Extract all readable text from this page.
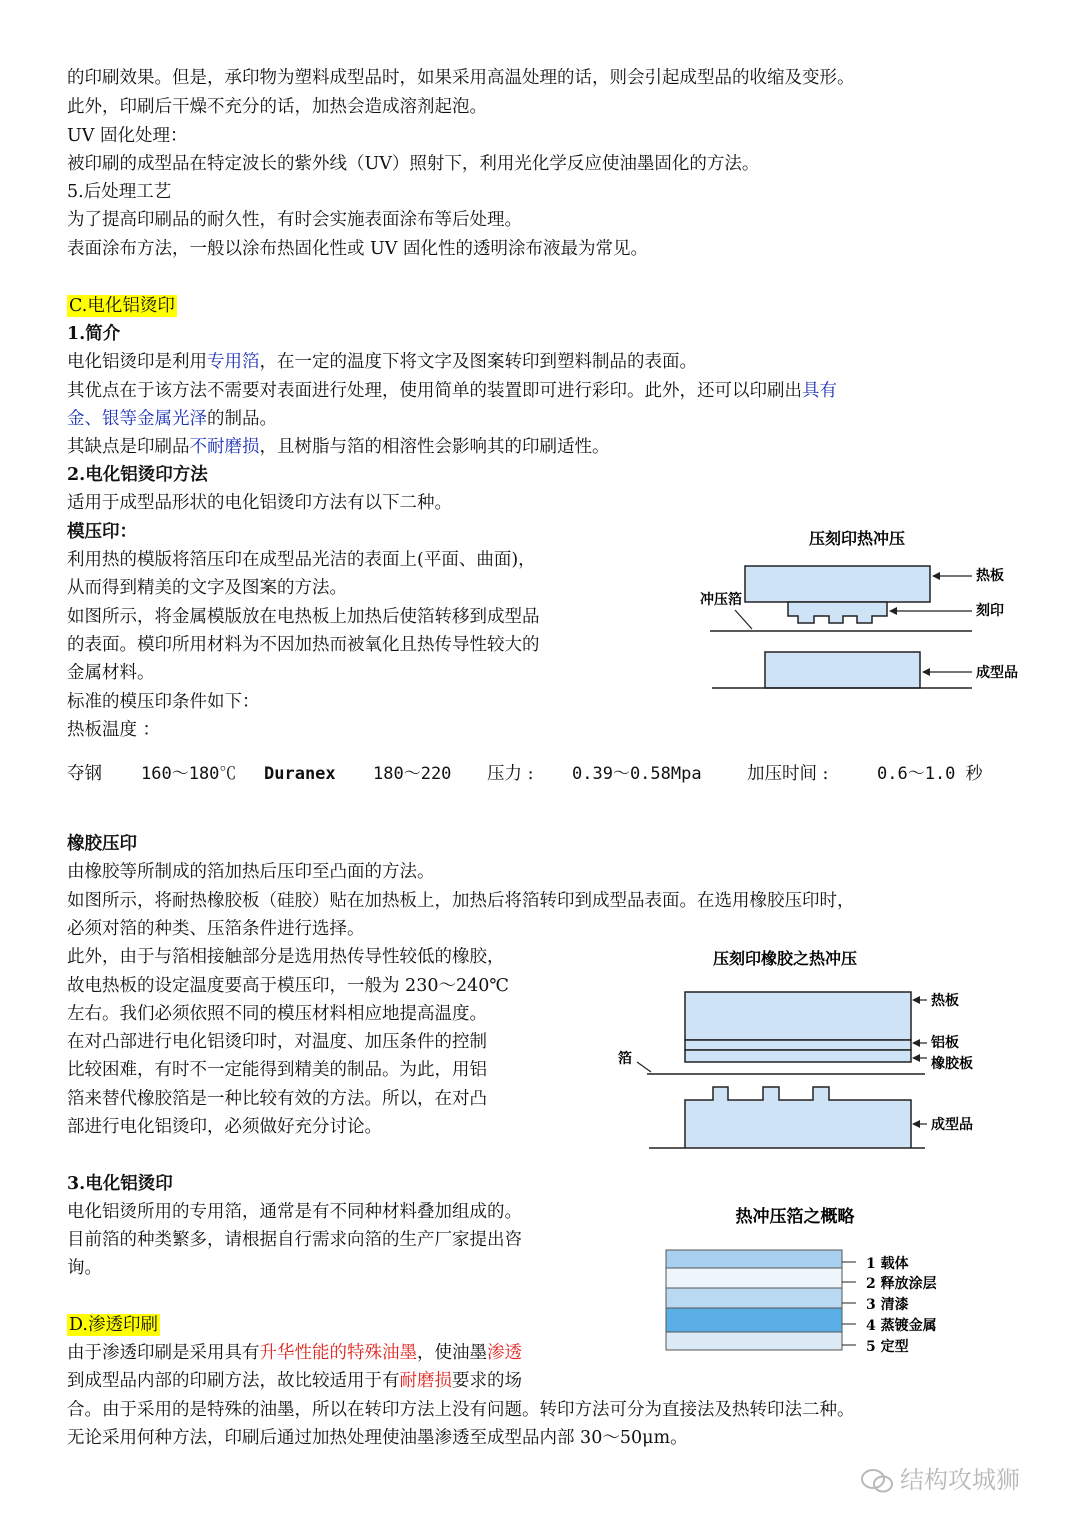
的印刷效果。但是，承印物为塑料成型品时，如果采用高温处理的话，则会引起成型品的收缩及变形。
此外，印刷后干燥不充分的话，加热会造成溶剂起泡。
UV 固化处理：
被印刷的成型品在特定波长的紫外线（UV）照射下，利用光化学反应使油墨固化的方法。
5.后处理工艺
为了提高印刷品的耐久性，有时会实施表面涂布等后处理。
表面涂布方法，一般以涂布热固化性或 UV 固化性的透明涂布液最为常见。
C.电化铝烫印
1.简介
电化铝烫印是利用专用箔，在一定的温度下将文字及图案转印到塑料制品的表面。
其优点在于该方法不需要对表面进行处理，使用简单的装置即可进行彩印。此外，还可以印刷出具有
金、银等金属光泽的制品。
其缺点是印刷品不耐磨损，且树脂与箔的相溶性会影响其的印刷适性。
2.电化铝烫印方法
适用于成型品形状的电化铝烫印方法有以下二种。
模压印：
利用热的模版将箔压印在成型品光洁的表面上(平面、曲面)，
从而得到精美的文字及图案的方法。
如图所示，将金属模版放在电热板上加热后使箔转移到成型品
的表面。模印所用材料为不因加热而被氧化且热传导性较大的
金属材料。
标准的模压印条件如下：
热板温度 ：
夺钢 160～180℃ Duranex 180～220 压力 : 0.39～0.58Mpa	加压时间 :	0.6～1.0 秒
橡胶压印
由橡胶等所制成的箔加热后压印至凸面的方法。
如图所示，将耐热橡胶板（硅胶）贴在加热板上，加热后将箔转印到成型品表面。在选用橡胶压印时，
必须对箔的种类、压箔条件进行选择。
此外，由于与箔相接触部分是选用热传导性较低的橡胶，
故电热板的设定温度要高于模压印，一般为 230～240℃
左右。我们必须依照不同的模压材料相应地提高温度。
在对凸部进行电化铝烫印时，对温度、加压条件的控制
比较困难，有时不一定能得到精美的制品。为此，用铝
箔来替代橡胶箔是一种比较有效的方法。所以，在对凸
部进行电化铝烫印，必须做好充分讨论。
3.电化铝烫印
电化铝烫所用的专用箔，通常是有不同种材料叠加组成的。
目前箔的种类繁多，请根据自行需求向箔的生产厂家提出咨
询。
D.渗透印刷
由于渗透印刷是采用具有升华性能的特殊油墨，使油墨渗透
到成型品内部的印刷方法，故比较适用于有耐磨损要求的场
合。由于采用的是特殊的油墨，所以在转印方法上没有问题。转印方法可分为直接法及热转印法二种。
无论采用何种方法，印刷后通过加热处理使油墨渗透至成型品内部 30～50μm。
压刻印热冲压
热板
刻印
冲压箔
成型品
压刻印橡胶之热冲压
热板
铝板
橡胶板
箔
成型品
热冲压箔之概略
1 载体
2 释放涂层
3 清漆
4 蒸镀金属
5 定型
结构攻城狮
